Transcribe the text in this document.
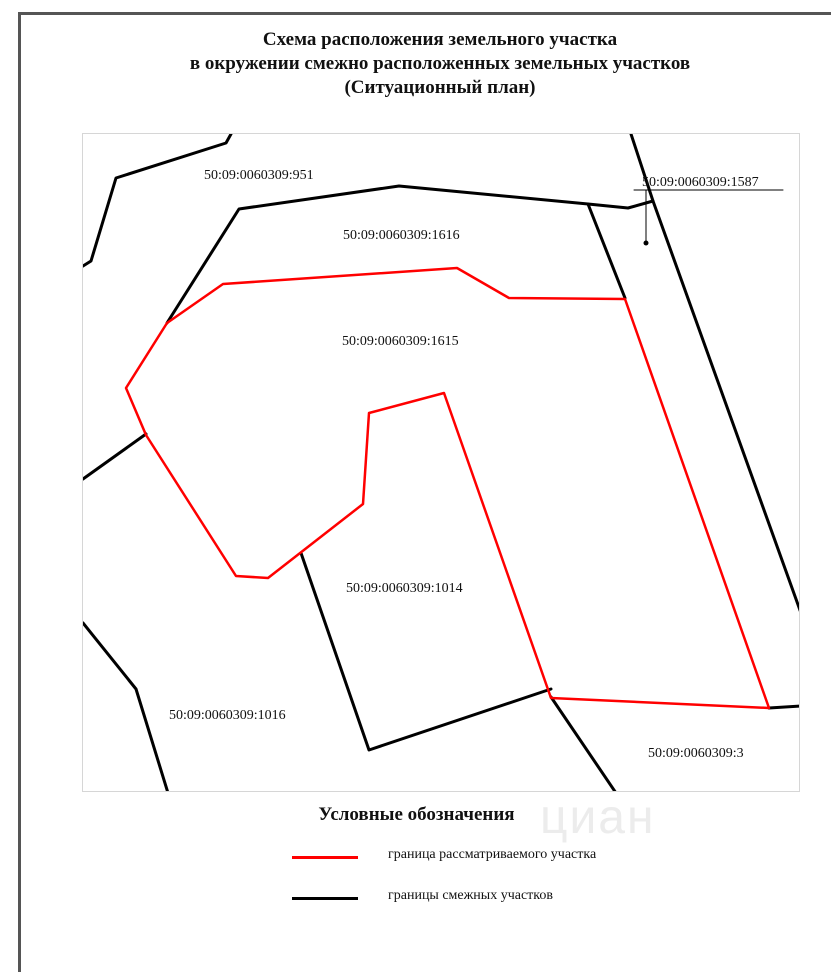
Схема расположения земельного участка
в окружении смежно расположенных земельных участков
(Ситуационный план)
50:09:0060309:951	50:09:0060309:1587
50:09:0060309:1616
50:09:0060309:1615
50:09:0060309:1014
50:09:0060309:1016
50:09:0060309:3
циан
Условные обозначения
граница рассматриваемого участка
границы смежных участков
